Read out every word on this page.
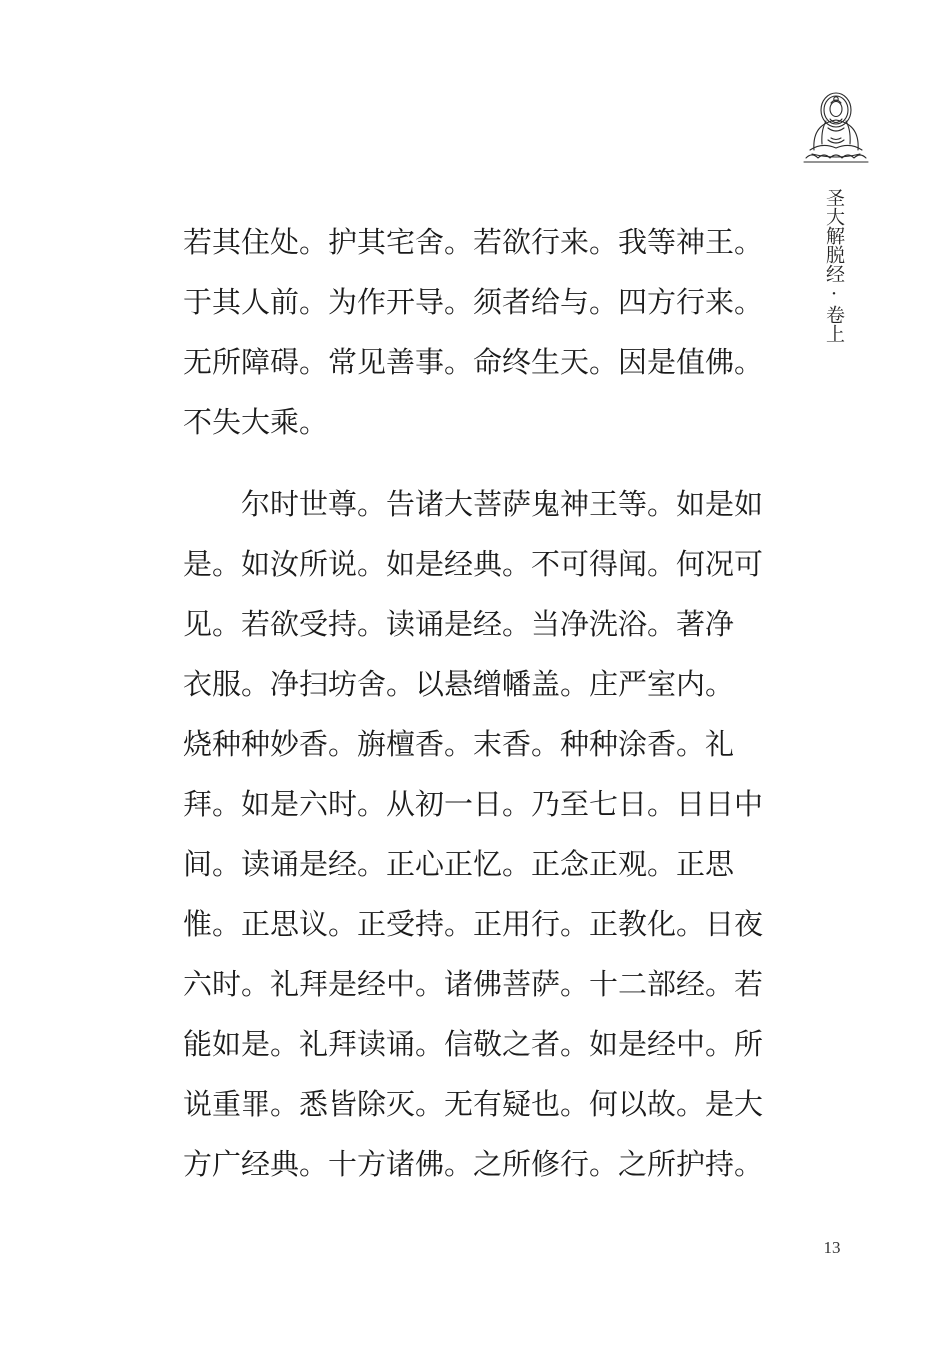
圣大解脱经·卷上
若其住处。护其宅舍。若欲行来。我等神王。
于其人前。为作开导。须者给与。四方行来。
无所障碍。常见善事。命终生天。因是值佛。
不失大乘。
尔时世尊。告诸大菩萨鬼神王等。如是如
是。如汝所说。如是经典。不可得闻。何况可
见。若欲受持。读诵是经。当净洗浴。著净
衣服。净扫坊舍。以悬缯幡盖。庄严室内。
烧种种妙香。旃檀香。末香。种种涂香。礼
拜。如是六时。从初一日。乃至七日。日日中
间。读诵是经。正心正忆。正念正观。正思
惟。正思议。正受持。正用行。正教化。日夜
六时。礼拜是经中。诸佛菩萨。十二部经。若
能如是。礼拜读诵。信敬之者。如是经中。所
说重罪。悉皆除灭。无有疑也。何以故。是大
方广经典。十方诸佛。之所修行。之所护持。
13
